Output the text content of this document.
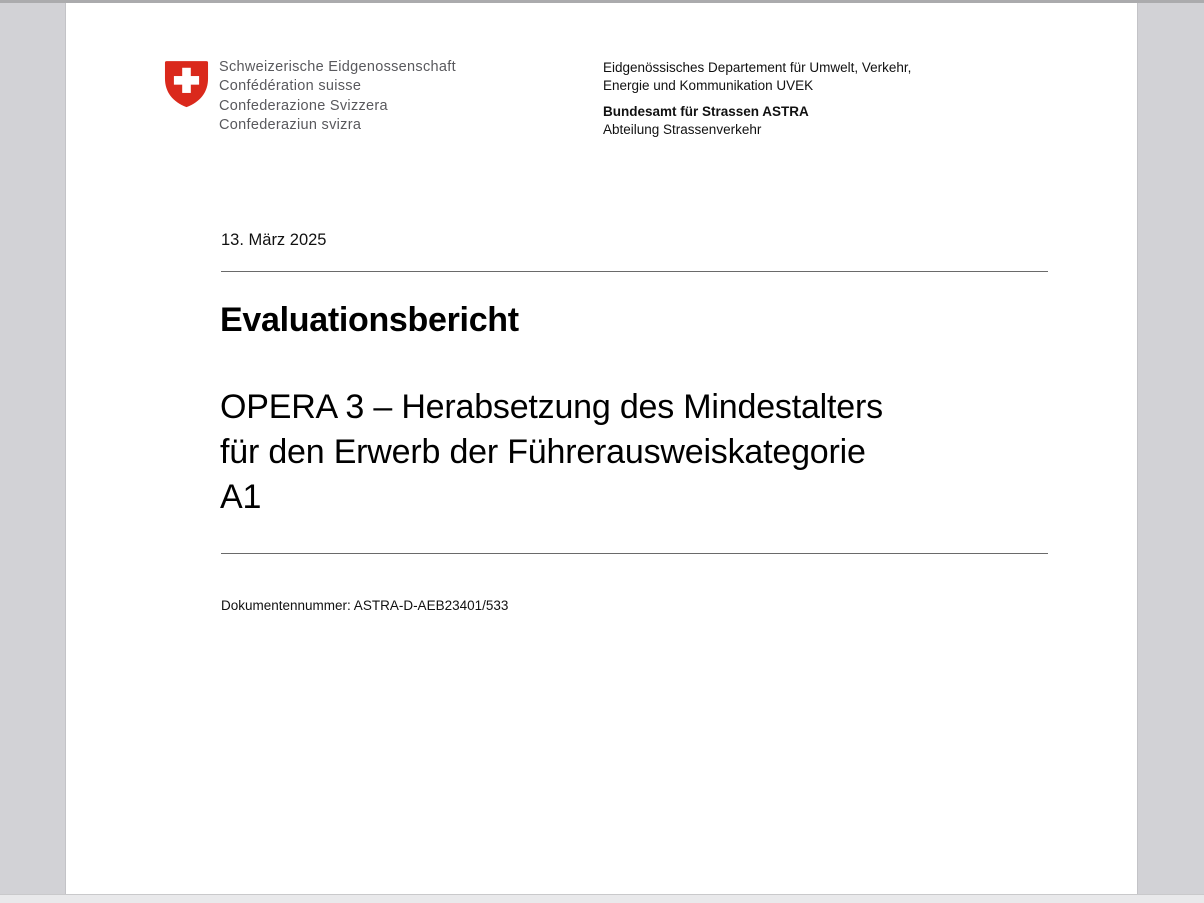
Schweizerische Eidgenossenschaft
Confédération suisse
Confederazione Svizzera
Confederaziun svizra
Eidgenössisches Departement für Umwelt, Verkehr,
Energie und Kommunikation UVEK
Bundesamt für Strassen ASTRA
Abteilung Strassenverkehr
13. März 2025
Evaluationsbericht
OPERA 3 – Herabsetzung des Mindestalters
für den Erwerb der Führerausweiskategorie
A1
Dokumentennummer: ASTRA-D-AEB23401/533
